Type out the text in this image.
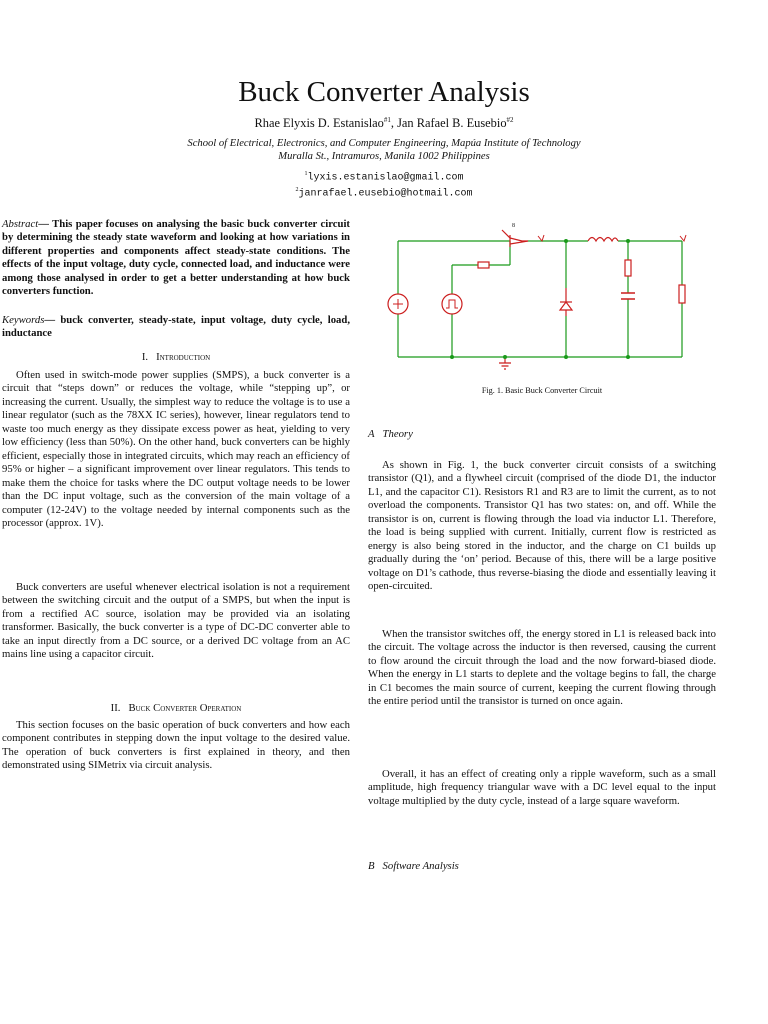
Buck Converter Analysis
Rhae Elyxis D. Estanislao$^{\#1}$, Jan Rafael B. Eusebio$^{\#2}$
School of Electrical, Electronics, and Computer Engineering, Mapúa Institute of Technology
Muralla St., Intramuros, Manila 1002 Philippines
$^1$lyxis.estanislao@gmail.com
$^2$janrafael.eusebio@hotmail.com
Abstract— This paper focuses on analysing the basic buck converter circuit by determining the steady state waveform and looking at how variations in different properties and components affect steady-state conditions. The effects of the input voltage, duty cycle, connected load, and inductance were among those analysed in order to get a better understanding at how buck converters function.
Keywords— buck converter, steady-state, input voltage, duty cycle, load, inductance
I. Introduction
Often used in switch-mode power supplies (SMPS), a buck converter is a circuit that “steps down” or reduces the voltage, while “stepping up”, or increasing the current. Usually, the simplest way to reduce the voltage is to use a linear regulator (such as the 78XX IC series), however, linear regulators tend to waste too much energy as they dissipate excess power as heat, yielding to very low efficiency (less than 50%). On the other hand, buck converters can be highly efficient, especially those in integrated circuits, which may reach an efficiency of 95% or higher – a significant improvement over linear regulators. This tends to make them the choice for tasks where the DC output voltage needs to be lower than the DC input voltage, such as the conversion of the main voltage of a computer (12-24V) to the voltage needed by internal components such as the processor (approx. 1V).
Buck converters are useful whenever electrical isolation is not a requirement between the switching circuit and the output of a SMPS, but when the input is from a rectified AC source, isolation may be provided via an isolating transformer. Basically, the buck converter is a type of DC-DC converter able to take an input directly from a DC source, or a derived DC voltage from an AC mains line using a capacitor circuit.
II. Buck Converter Operation
This section focuses on the basic operation of buck converters and how each component contributes in stepping down the input voltage to the desired value. The operation of buck converters is first explained in theory, and then demonstrated using SIMetrix via circuit analysis.
8
Fig. 1. Basic Buck Converter Circuit
A Theory
As shown in Fig. 1, the buck converter circuit consists of a switching transistor (Q1), and a flywheel circuit (comprised of the diode D1, the inductor L1, and the capacitor C1). Resistors R1 and R3 are to limit the current, as to not overload the components. Transistor Q1 has two states: on, and off. While the transistor is on, current is flowing through the load via inductor L1. Therefore, the load is being supplied with current. Initially, current flow is restricted as energy is also being stored in the inductor, and the charge on C1 builds up gradually during the ‘on’ period. Because of this, there will be a large positive voltage on D1’s cathode, thus reverse-biasing the diode and essentially leaving it open-circuited.
When the transistor switches off, the energy stored in L1 is released back into the circuit. The voltage across the inductor is then reversed, causing the current to flow around the circuit through the load and the now forward-biased diode. When the energy in L1 starts to deplete and the voltage begins to fall, the charge in C1 becomes the main source of current, keeping the current flowing through the entire period until the transistor is turned on once again.
Overall, it has an effect of creating only a ripple waveform, such as a small amplitude, high frequency triangular wave with a DC level equal to the input voltage multiplied by the duty cycle, instead of a large square waveform.
B Software Analysis
